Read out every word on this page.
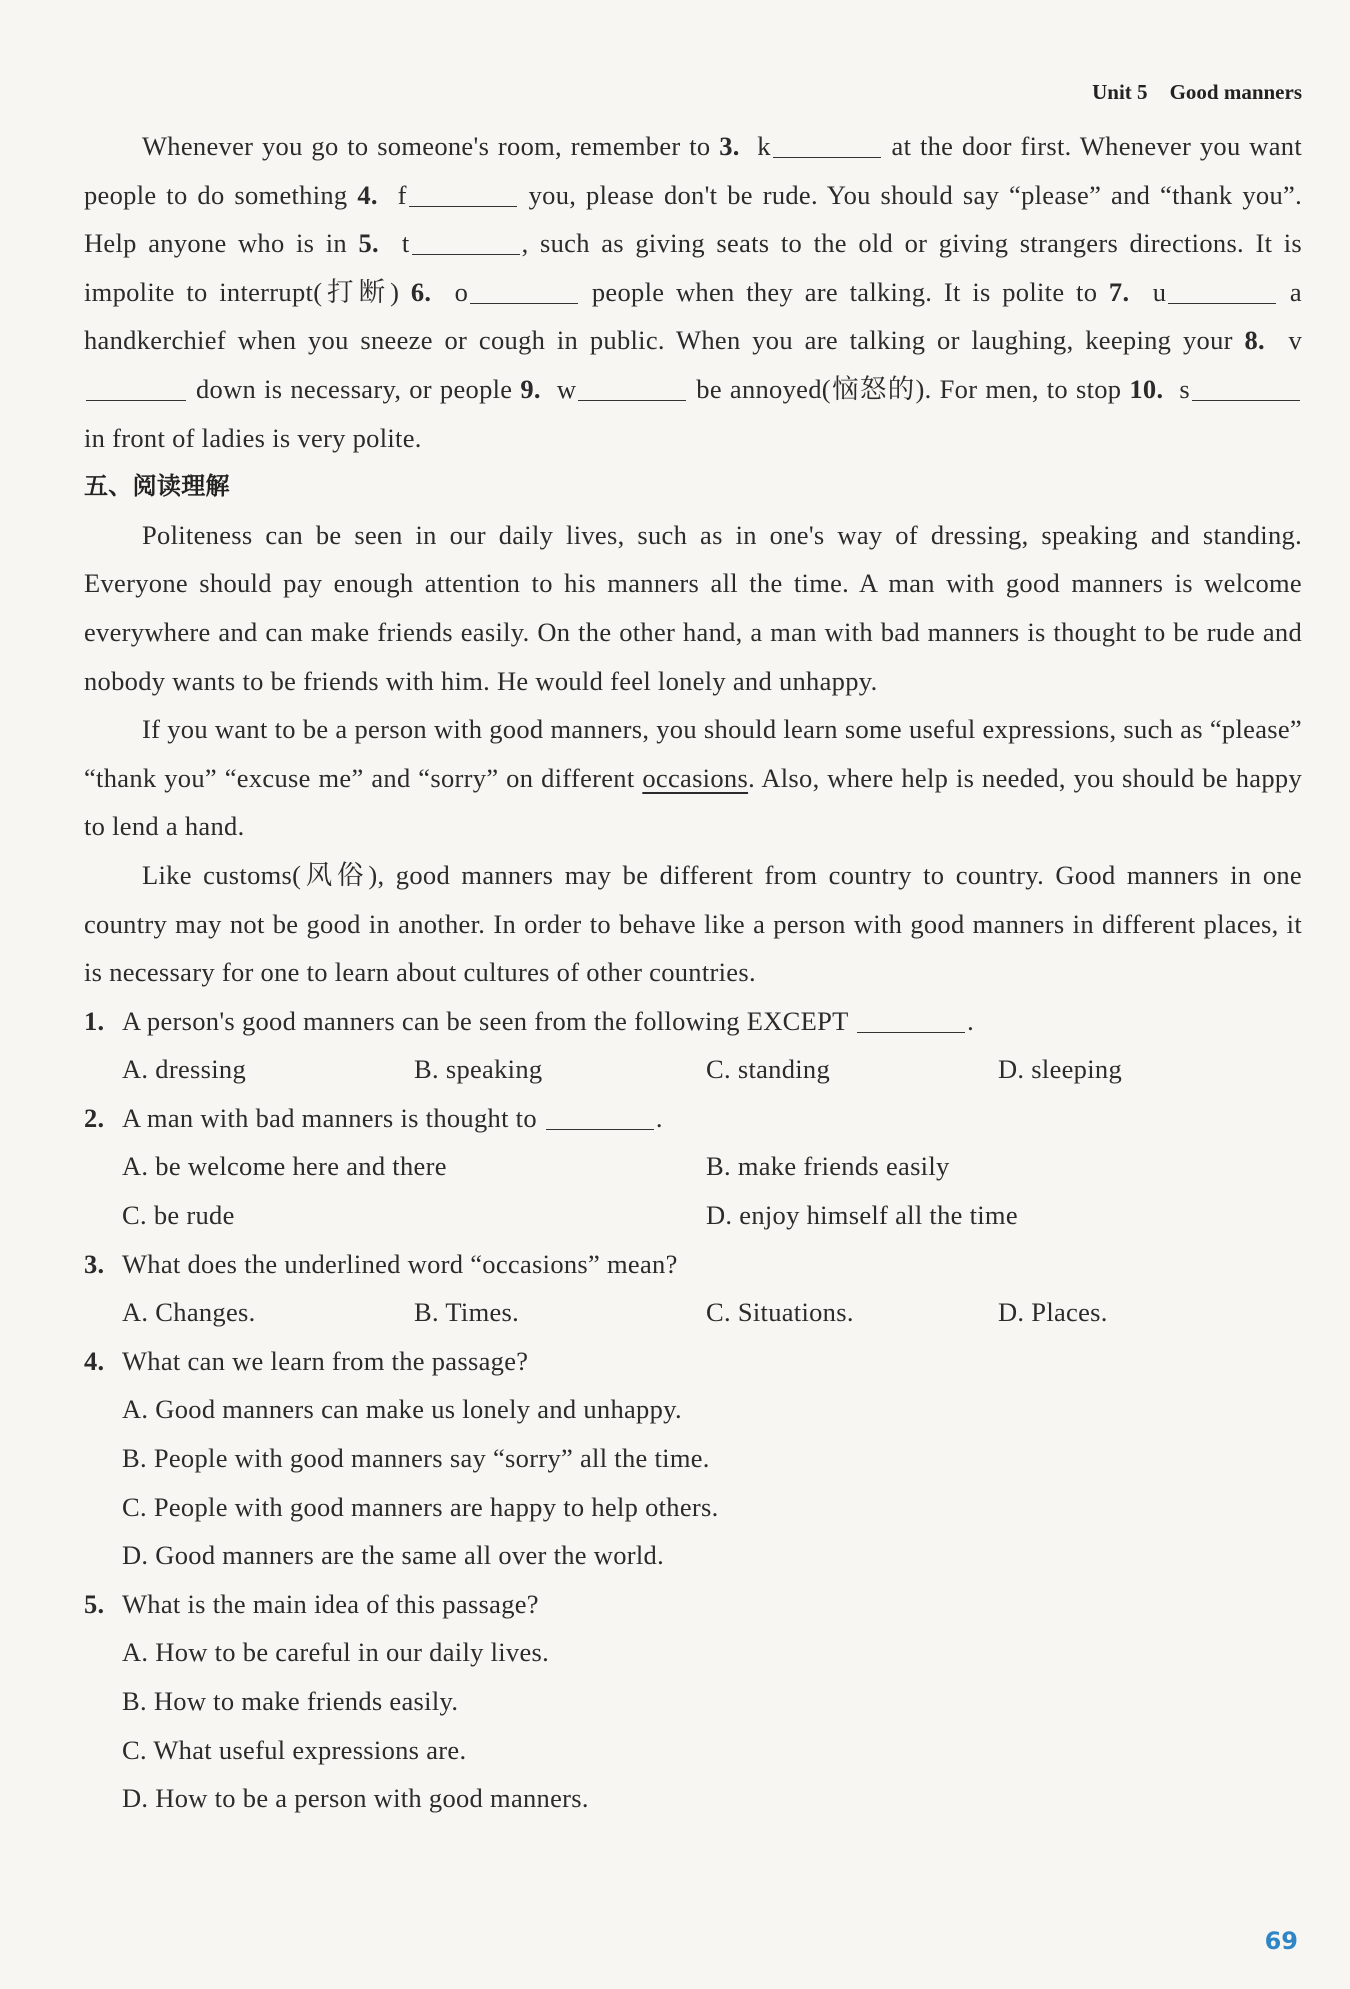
Unit 5 Good manners

Whenever you go to someone's room, remember to 3. k	at the door first. Whenever you want people to do something 4. f	you, please don't be rude. You should say “please” and “thank you”. Help anyone who is in 5. t	, such as giving seats to the old or giving strangers directions. It is impolite to interrupt(打断) 6. o	people when they are talking. It is polite to 7. u	a handkerchief when you sneeze or cough in public. When you are talking or laughing, keeping your 8. v down is necessary, or people 9. w	be annoyed(恼怒的). For men, to stop 10. s in front of ladies is very polite.

五、阅读理解

Politeness can be seen in our daily lives, such as in one's way of dressing, speaking and standing. Everyone should pay enough attention to his manners all the time. A man with good manners is welcome everywhere and can make friends easily. On the other hand, a man with bad manners is thought to be rude and nobody wants to be friends with him. He would feel lonely and unhappy.

If you want to be a person with good manners, you should learn some useful expressions, such as “please” “thank you” “excuse me” and “sorry” on different occasions. Also, where help is needed, you should be happy to lend a hand.

Like customs(风俗), good manners may be different from country to country. Good manners in one country may not be good in another. In order to behave like a person with good manners in different places, it is necessary for one to learn about cultures of other countries.

1. A person's good manners can be seen from the following EXCEPT	.

A. dressing	B. speaking	C. standing	D. sleeping

2. A man with bad manners is thought to	.

A. be welcome here and there	B. make friends easily
C. be rude	D. enjoy himself all the time

3. What does the underlined word “occasions” mean?

A. Changes.	B. Times.	C. Situations.	D. Places.

4. What can we learn from the passage?

A. Good manners can make us lonely and unhappy.
B. People with good manners say “sorry” all the time.
C. People with good manners are happy to help others.
D. Good manners are the same all over the world.

5. What is the main idea of this passage?

A. How to be careful in our daily lives.
B. How to make friends easily.
C. What useful expressions are.
D. How to be a person with good manners.
69
